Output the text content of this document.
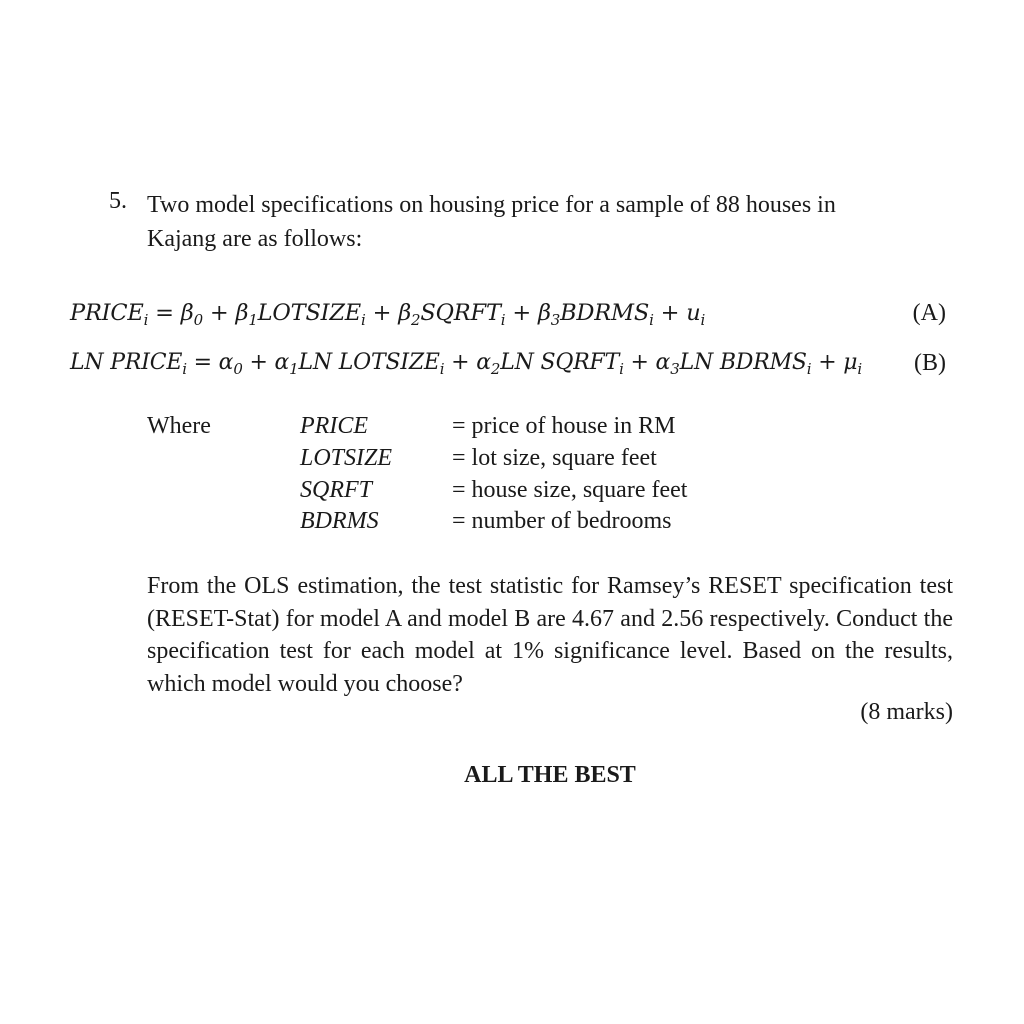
5. Two model specifications on housing price for a sample of 88 houses in Kajang are as follows:
$PRICE_i = \beta_0$ + $\beta_1LOTSIZE_i$ + $\beta_2SQRFT_i$ + $\beta_3BDRMS_i + u_i$	(A)
LN $PRICE_i = \alpha_0 + \alpha_1LN$ $LOTSIZE_i + \alpha_2LN$ $SQRFT_i + \alpha_3LN$ $BDRMS_i + \mu_i$ (B)
Where	PRICE	= price of house in RM
LOTSIZE = lot size, square feet
SQRFT	= house size, square feet
BDRMS	= number of bedrooms
From the OLS estimation, the test statistic for Ramsey’s RESET specification test (RESET-Stat) for model A and model B are 4.67 and 2.56 respectively. Conduct the specification test for each model at 1% significance level. Based on the results, which model would you choose?
(8 marks)
ALL THE BEST
